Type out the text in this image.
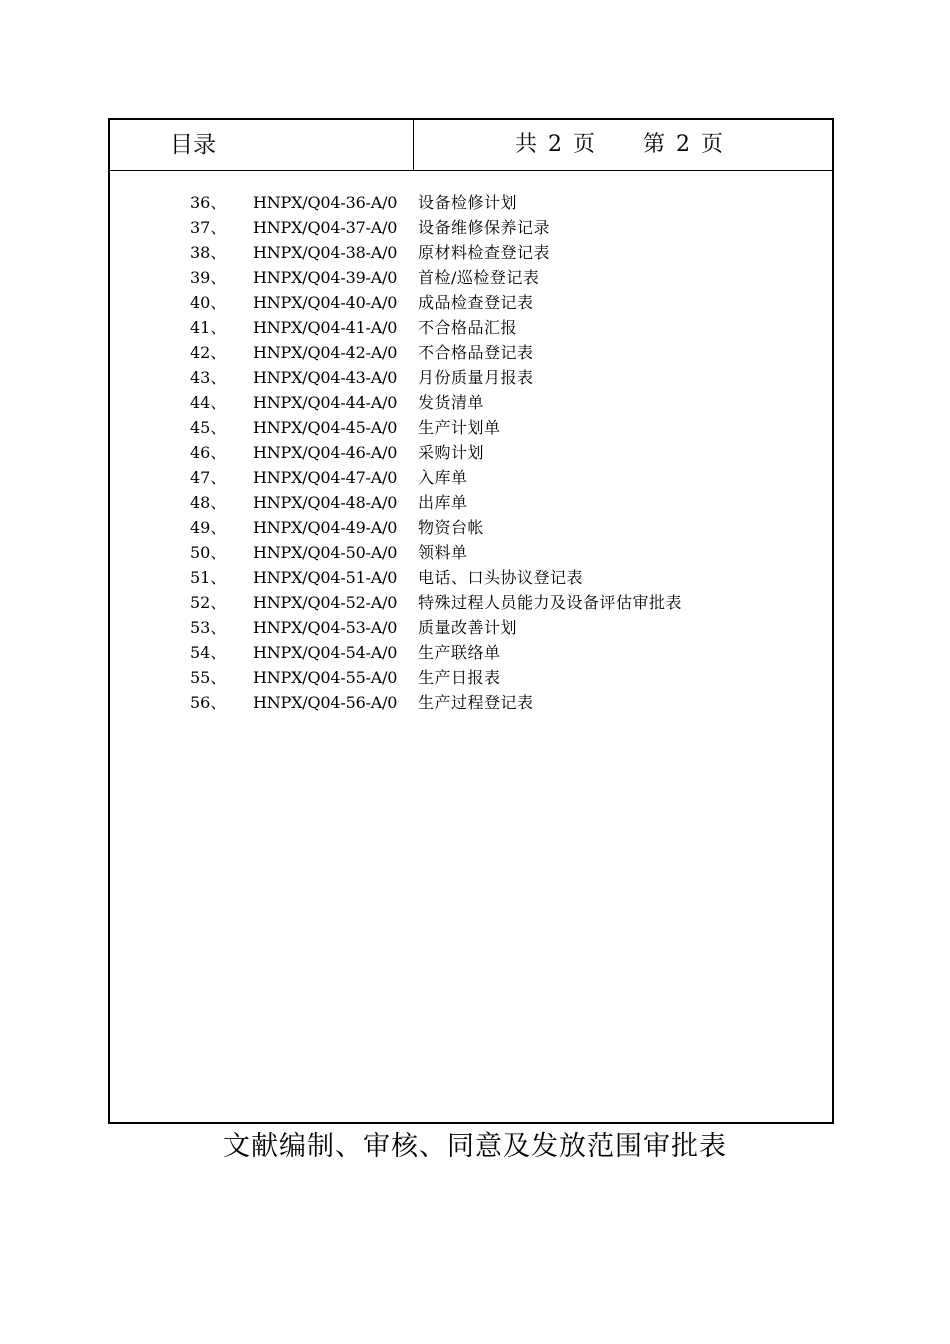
目录	共 2 页 第 2 页
36、 HNPX/Q04-36-A/0 设备检修计划
37、 HNPX/Q04-37-A/0 设备维修保养记录
38、 HNPX/Q04-38-A/0 原材料检查登记表
39、 HNPX/Q04-39-A/0 首检/巡检登记表
40、 HNPX/Q04-40-A/0 成品检查登记表
41、 HNPX/Q04-41-A/0 不合格品汇报
42、 HNPX/Q04-42-A/0 不合格品登记表
43、 HNPX/Q04-43-A/0 月份质量月报表
44、 HNPX/Q04-44-A/0 发货清单
45、 HNPX/Q04-45-A/0 生产计划单
46、 HNPX/Q04-46-A/0 采购计划
47、 HNPX/Q04-47-A/0 入库单
48、 HNPX/Q04-48-A/0 出库单
49、 HNPX/Q04-49-A/0 物资台帐
50、 HNPX/Q04-50-A/0 领料单
51、 HNPX/Q04-51-A/0 电话、口头协议登记表
52、 HNPX/Q04-52-A/0 特殊过程人员能力及设备评估审批表
53、 HNPX/Q04-53-A/0 质量改善计划
54、 HNPX/Q04-54-A/0 生产联络单
55、 HNPX/Q04-55-A/0 生产日报表
56、 HNPX/Q04-56-A/0 生产过程登记表
文献编制、审核、同意及发放范围审批表
